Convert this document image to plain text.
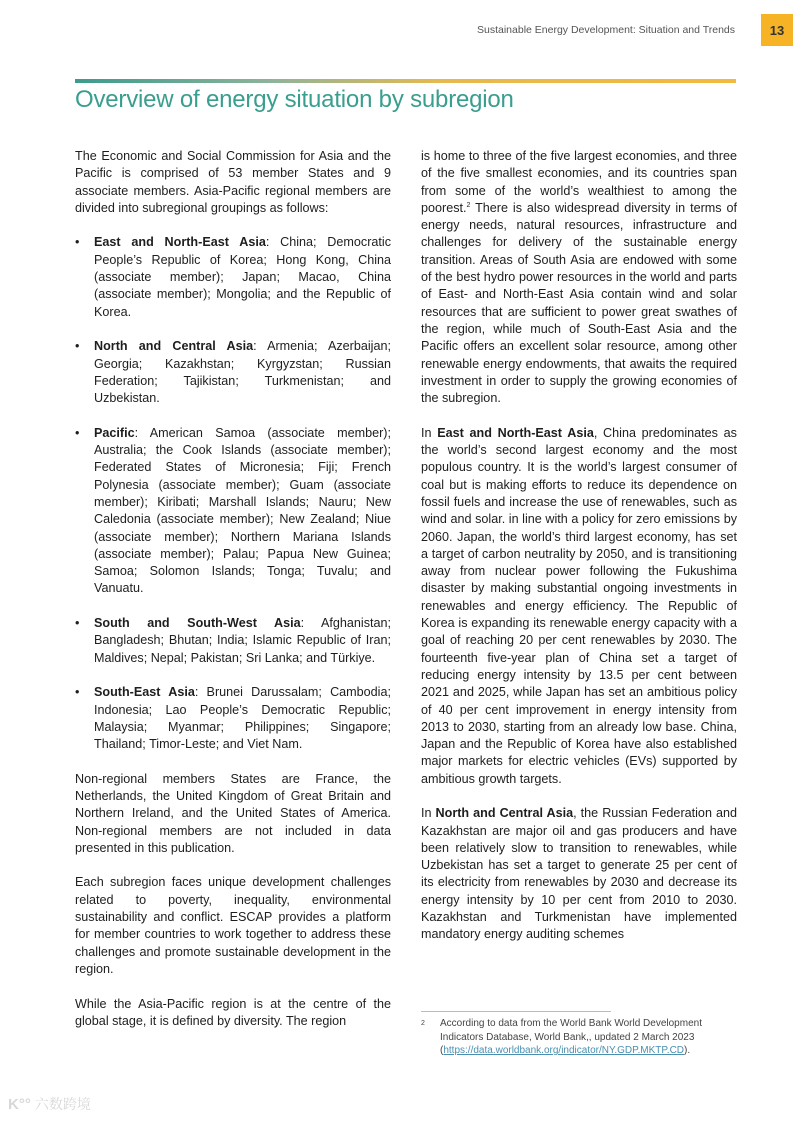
Sustainable Energy Development: Situation and Trends	13
Overview of energy situation by subregion

The Economic and Social Commission for Asia and the Pacific is comprised of 53 member States and 9 associate members. Asia-Pacific regional members are divided into subregional groupings as follows:

• East and North-East Asia: China; Democratic People’s Republic of Korea; Hong Kong, China (associate member); Japan; Macao, China (associate member); Mongolia; and the Republic of Korea.
• North and Central Asia: Armenia; Azerbaijan; Georgia; Kazakhstan; Kyrgyzstan; Russian Federation; Tajikistan; Turkmenistan; and Uzbekistan.
• Pacific: American Samoa (associate member); Australia; the Cook Islands (associate member); Federated States of Micronesia; Fiji; French Polynesia (associate member); Guam (associate member); Kiribati; Marshall Islands; Nauru; New Caledonia (associate member); New Zealand; Niue (associate member); Northern Mariana Islands (associate member); Palau; Papua New Guinea; Samoa; Solomon Islands; Tonga; Tuvalu; and Vanuatu.
• South and South-West Asia: Afghanistan; Bangladesh; Bhutan; India; Islamic Republic of Iran; Maldives; Nepal; Pakistan; Sri Lanka; and Türkiye.
• South-East Asia: Brunei Darussalam; Cambodia; Indonesia; Lao People’s Democratic Republic; Malaysia; Myanmar; Philippines; Singapore; Thailand; Timor-Leste; and Viet Nam.

Non-regional members States are France, the Netherlands, the United Kingdom of Great Britain and Northern Ireland, and the United States of America. Non-regional members are not included in data presented in this publication.

Each subregion faces unique development challenges related to poverty, inequality, environmental sustainability and conflict. ESCAP provides a platform for member countries to work together to address these challenges and promote sustainable development in the region.

While the Asia-Pacific region is at the centre of the global stage, it is defined by diversity. The region

is home to three of the five largest economies, and three of the five smallest economies, and its countries span from some of the world’s wealthiest to among the poorest.$^2$ There is also widespread diversity in terms of energy needs, natural resources, infrastructure and challenges for delivery of the sustainable energy transition. Areas of South Asia are endowed with some of the best hydro power resources in the world and parts of East- and North-East Asia contain wind and solar resources that are sufficient to power great swathes of the region, while much of South-East Asia and the Pacific offers an excellent solar resource, among other renewable energy endowments, that awaits the required investment in order to supply the growing economies of the subregion.

In East and North-East Asia, China predominates as the world’s second largest economy and the most populous country. It is the world’s largest consumer of coal but is making efforts to reduce its dependence on fossil fuels and increase the use of renewables, such as wind and solar. in line with a policy for zero emissions by 2060. Japan, the world’s third largest economy, has set a target of carbon neutrality by 2050, and is transitioning away from nuclear power following the Fukushima disaster by making substantial ongoing investments in renewables and energy efficiency. The Republic of Korea is expanding its renewable energy capacity with a goal of reaching 20 per cent renewables by 2030. The fourteenth five-year plan of China set a target of reducing energy intensity by 13.5 per cent between 2021 and 2025, while Japan has set an ambitious policy of 40 per cent improvement in energy intensity from 2013 to 2030, starting from an already low base. China, Japan and the Republic of Korea have also established major markets for electric vehicles (EVs) supported by ambitious growth targets.

In North and Central Asia, the Russian Federation and Kazakhstan are major oil and gas producers and have been relatively slow to transition to renewables, while Uzbekistan has set a target to generate 25 per cent of its electricity from renewables by 2030 and decrease its energy intensity by 10 per cent from 2010 to 2030. Kazakhstan and Turkmenistan have implemented mandatory energy auditing schemes

2	According to data from the World Bank World Development Indicators Database, World Bank,, updated 2 March 2023 (https://data.worldbank.org/indicator/NY.GDP.MKTP.CD).
K°° 六数跨境
